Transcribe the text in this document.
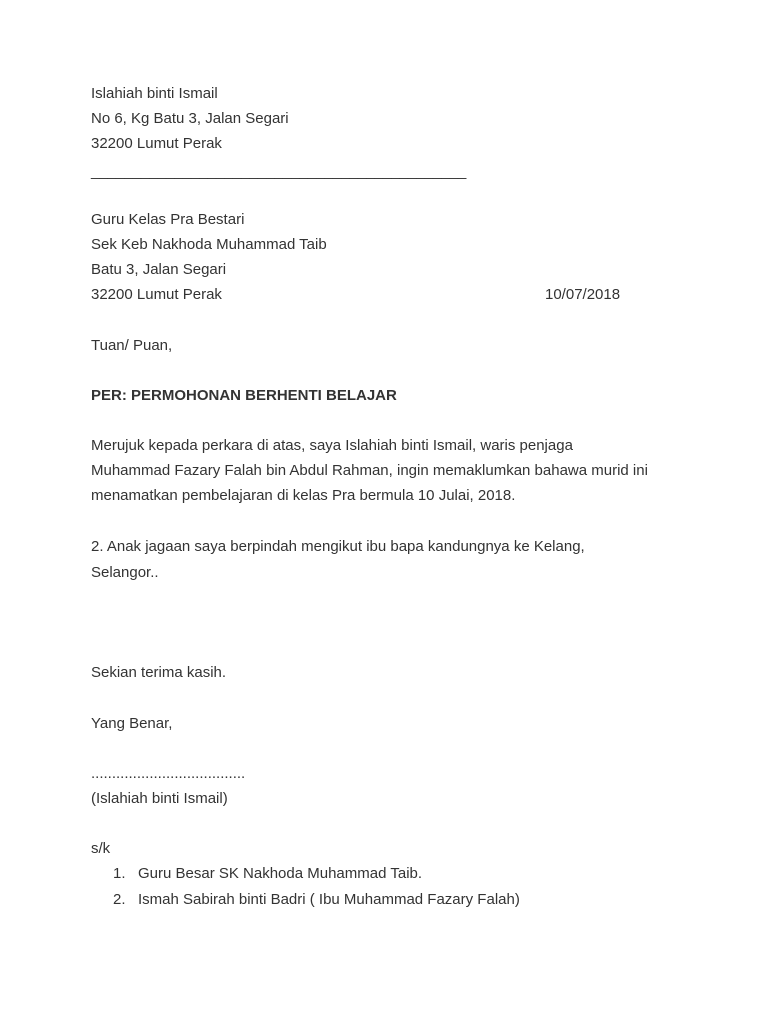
Islahiah binti Ismail
No 6, Kg Batu 3, Jalan Segari
32200 Lumut Perak
_____________________________________________
Guru Kelas Pra Bestari
Sek Keb Nakhoda Muhammad Taib
Batu 3, Jalan Segari
32200 Lumut Perak	10/07/2018
Tuan/ Puan,
PER: PERMOHONAN BERHENTI BELAJAR
Merujuk kepada perkara di atas, saya Islahiah binti Ismail, waris penjaga
Muhammad Fazary Falah bin Abdul Rahman, ingin memaklumkan bahawa murid ini
menamatkan pembelajaran di kelas Pra bermula 10 Julai, 2018.
2. Anak jagaan saya berpindah mengikut ibu bapa kandungnya ke Kelang,
Selangor..
Sekian terima kasih.
Yang Benar,
.....................................
(Islahiah binti Ismail)
s/k
1. Guru Besar SK Nakhoda Muhammad Taib.
2. Ismah Sabirah binti Badri ( Ibu Muhammad Fazary Falah)
